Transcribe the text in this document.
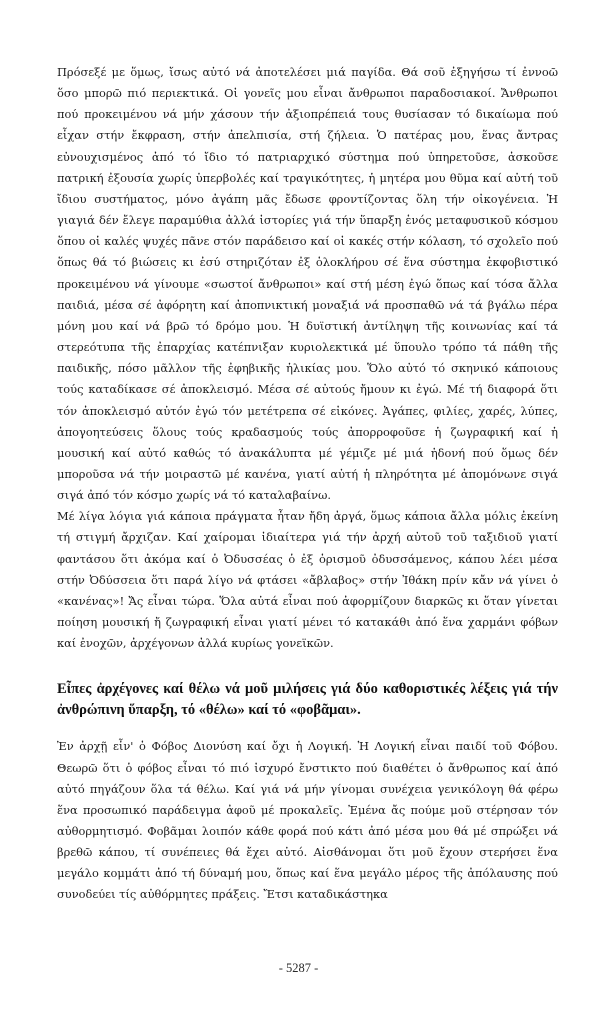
Πρόσεξέ με ὅμως, ἴσως αὐτό νά ἀποτελέσει μιά παγίδα. Θά σοῦ ἐξηγήσω τί ἐννοῶ ὅσο μπορῶ πιό περιεκτικά. Οἱ γονεῖς μου εἶναι ἄνθρωποι παραδοσιακοί. Ἄνθρωποι πού προκειμένου νά μήν χάσουν τήν ἀξιοπρέπειά τους θυσίασαν τό δικαίωμα πού εἶχαν στήν ἔκφραση, στήν ἀπελπισία, στή ζήλεια. Ὁ πατέρας μου, ἕνας ἄντρας εὐνουχισμένος ἀπό τό ἴδιο τό πατριαρχικό σύστημα πού ὑπηρετοῦσε, ἀσκοῦσε πατρική ἐξουσία χωρίς ὑπερβολές καί τραγικότητες, ἡ μητέρα μου θῦμα καί αὐτή τοῦ ἴδιου συστήματος, μόνο ἀγάπη μᾶς ἔδωσε φροντίζοντας ὅλη τήν οἰκογένεια. Ἡ γιαγιά δέν ἔλεγε παραμύθια ἀλλά ἱστορίες γιά τήν ὕπαρξη ἑνός μεταφυσικοῦ κόσμου ὅπου οἱ καλές ψυχές πᾶνε στόν παράδεισο καί οἱ κακές στήν κόλαση, τό σχολεῖο πού ὅπως θά τό βιώσεις κι ἐσύ στηριζόταν ἐξ ὁλοκλήρου σέ ἕνα σύστημα ἐκφοβιστικό προκειμένου νά γίνουμε «σωστοί ἄνθρωποι» καί στή μέση ἐγώ ὅπως καί τόσα ἄλλα παιδιά, μέσα σέ ἀφόρητη καί ἀποπνικτική μοναξιά νά προσπαθῶ νά τά βγάλω πέρα μόνη μου καί νά βρῶ τό δρόμο μου. Ἡ δυϊστική ἀντίληψη τῆς κοινωνίας καί τά στερεότυπα τῆς ἐπαρχίας κατέπνιξαν κυριολεκτικά μέ ὕπουλο τρόπο τά πάθη τῆς παιδικῆς, πόσο μᾶλλον τῆς ἐφηβικῆς ἡλικίας μου. Ὅλο αὐτό τό σκηνικό κάποιους τούς καταδίκασε σέ ἀποκλεισμό. Μέσα σέ αὐτούς ἤμουν κι ἐγώ. Μέ τή διαφορά ὅτι τόν ἀποκλεισμό αὐτόν ἐγώ τόν μετέτρεπα σέ εἰκόνες. Ἀγάπες, φιλίες, χαρές, λύπες, ἀπογοητεύσεις ὅλους τούς κραδασμούς τούς ἀπορροφοῦσε ἡ ζωγραφική καί ἡ μουσική καί αὐτό καθώς τό ἀνακάλυπτα μέ γέμιζε μέ μιά ἡδονή πού ὅμως δέν μποροῦσα νά τήν μοιραστῶ μέ κανένα, γιατί αὐτή ἡ πληρότητα μέ ἀπομόνωνε σιγά σιγά ἀπό τόν κόσμο χωρίς νά τό καταλαβαίνω.
Μέ λίγα λόγια γιά κάποια πράγματα ἦταν ἤδη ἀργά, ὅμως κάποια ἄλλα μόλις ἐκείνη τή στιγμή ἄρχιζαν. Καί χαίρομαι ἰδιαίτερα γιά τήν ἀρχή αὐτοῦ τοῦ ταξιδιοῦ γιατί φαντάσου ὅτι ἀκόμα καί ὁ Ὀδυσσέας ὁ ἐξ ὁρισμοῦ ὀδυσσάμενος, κάπου λέει μέσα στήν Ὀδύσσεια ὅτι παρά λίγο νά φτάσει «ἄβλαβος» στήν Ἰθάκη πρίν κἄν νά γίνει ὁ «κανένας»! Ἄς εἶναι τώρα. Ὅλα αὐτά εἶναι πού ἀφορμίζουν διαρκῶς κι ὅταν γίνεται ποίηση μουσική ἤ ζωγραφική εἶναι γιατί μένει τό κατακάθι ἀπό ἕνα χαρμάνι φόβων καί ἐνοχῶν, ἀρχέγονων ἀλλά κυρίως γονεϊκῶν.

Εἶπες ἀρχέγονες καί θέλω νά μοῦ μιλήσεις γιά δύο καθοριστικές λέξεις γιά τήν ἀνθρώπινη ὕπαρξη, τό «θέλω» καί τό «φοβᾶμαι».

Ἐν ἀρχῇ εἶν' ὁ Φόβος Διονύση καί ὄχι ἡ Λογική. Ἡ Λογική εἶναι παιδί τοῦ Φόβου. Θεωρῶ ὅτι ὁ φόβος εἶναι τό πιό ἰσχυρό ἔνστικτο πού διαθέτει ὁ ἄνθρωπος καί ἀπό αὐτό πηγάζουν ὅλα τά θέλω. Καί γιά νά μήν γίνομαι συνέχεια γενικόλογη θά φέρω ἕνα προσωπικό παράδειγμα ἀφοῦ μέ προκαλεῖς. Ἐμένα ἄς πούμε μοῦ στέρησαν τόν αὐθορμητισμό. Φοβᾶμαι λοιπόν κάθε φορά πού κάτι ἀπό μέσα μου θά μέ σπρώξει νά βρεθῶ κάπου, τί συνέπειες θά ἔχει αὐτό. Αἰσθάνομαι ὅτι μοῦ ἔχουν στερήσει ἕνα μεγάλο κομμάτι ἀπό τή δύναμή μου, ὅπως καί ἕνα μεγάλο μέρος τῆς ἀπόλαυσης πού συνοδεύει τίς αὐθόρμητες πράξεις. Ἔτσι καταδικάστηκα
- 5287 -
